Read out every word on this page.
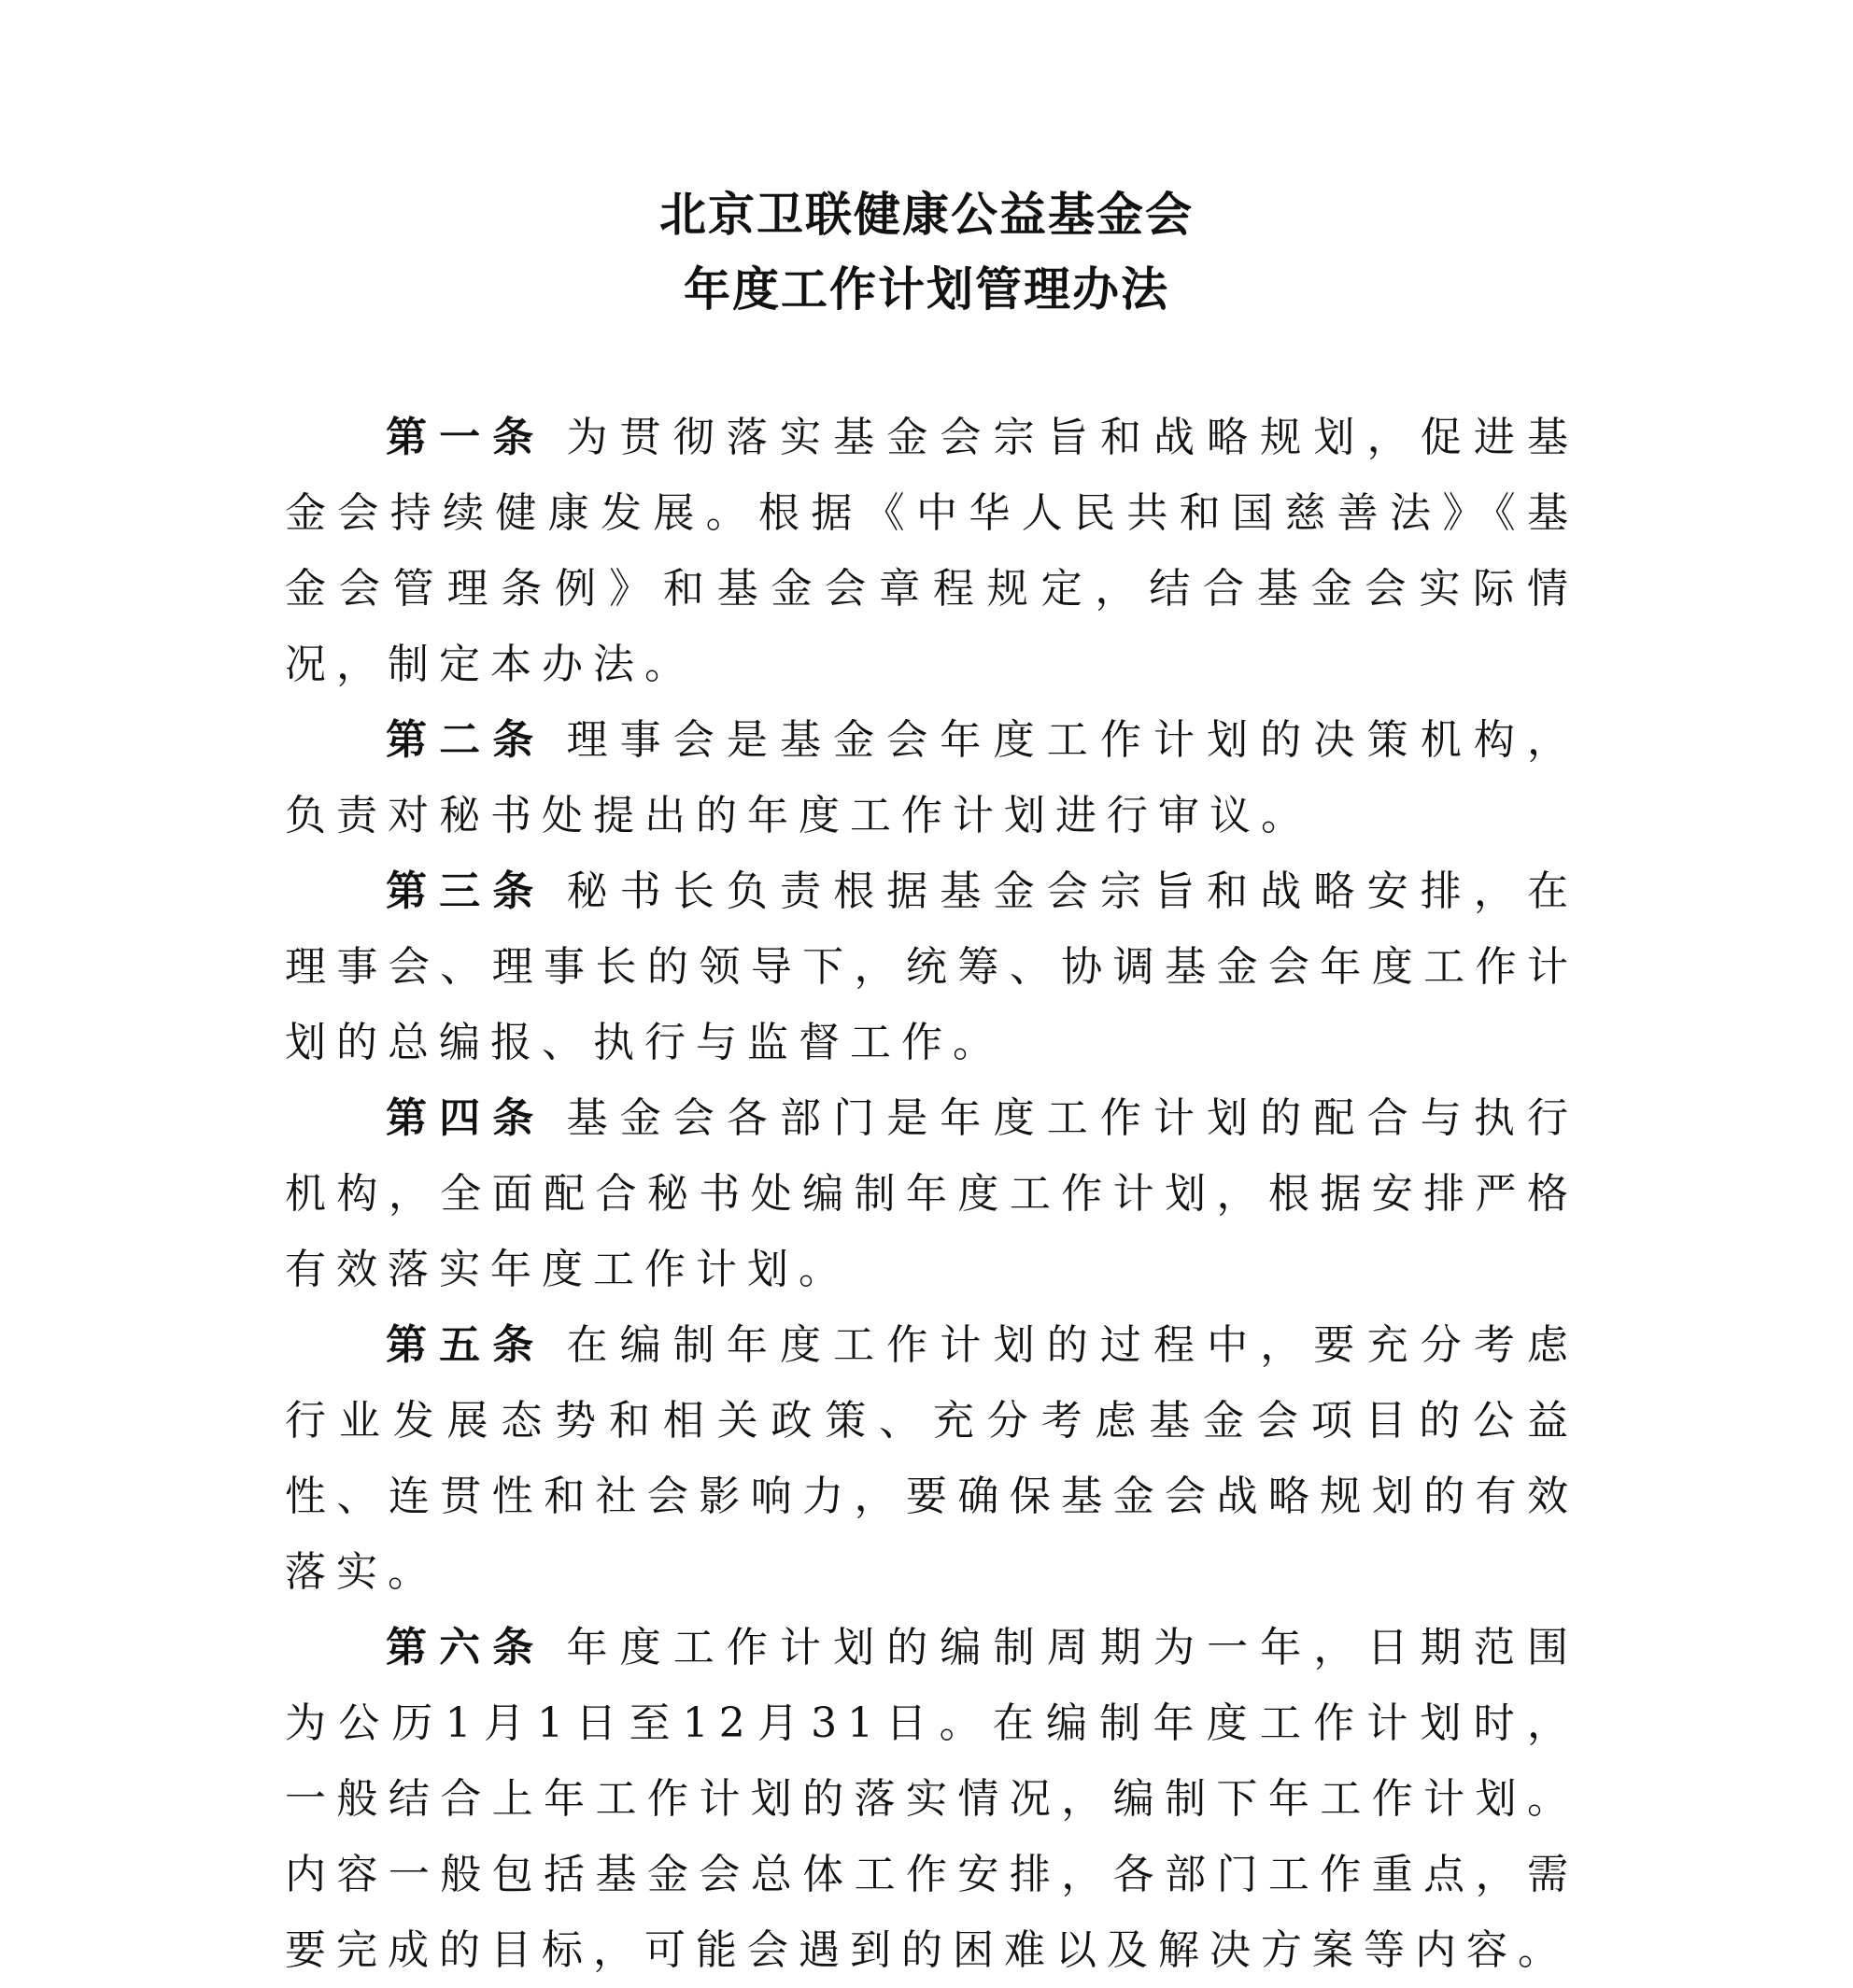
北京卫联健康公益基金会
年度工作计划管理办法

第一条 为贯彻落实基金会宗旨和战略规划，促进基金会持续健康发展。根据《中华人民共和国慈善法》《基金会管理条例》和基金会章程规定，结合基金会实际情况，制定本办法。

第二条 理事会是基金会年度工作计划的决策机构，负责对秘书处提出的年度工作计划进行审议。

第三条 秘书长负责根据基金会宗旨和战略安排，在理事会、理事长的领导下，统筹、协调基金会年度工作计划的总编报、执行与监督工作。

第四条 基金会各部门是年度工作计划的配合与执行机构，全面配合秘书处编制年度工作计划，根据安排严格有效落实年度工作计划。

第五条 在编制年度工作计划的过程中，要充分考虑行业发展态势和相关政策、充分考虑基金会项目的公益性、连贯性和社会影响力，要确保基金会战略规划的有效落实。

第六条 年度工作计划的编制周期为一年，日期范围为公历1月1日至12月31日。在编制年度工作计划时，一般结合上年工作计划的落实情况，编制下年工作计划。内容一般包括基金会总体工作安排，各部门工作重点，需要完成的目标，可能会遇到的困难以及解决方案等内容。
